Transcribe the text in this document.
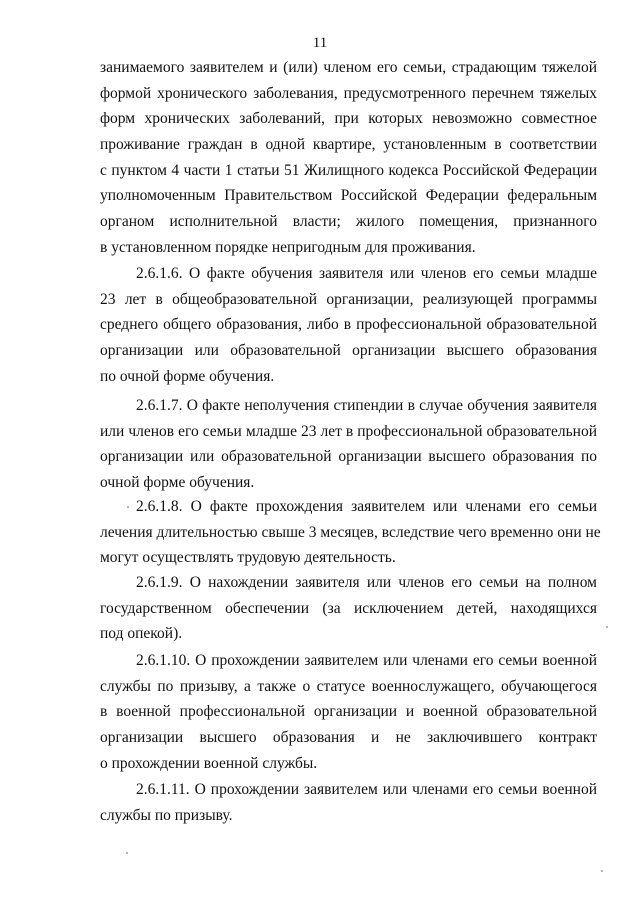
11
занимаемого заявителем и (или) членом его семьи, страдающим тяжелой
формой хронического заболевания, предусмотренного перечнем тяжелых
форм хронических заболеваний, при которых невозможно совместное
проживание граждан в одной квартире, установленным в соответствии
с пунктом 4 части 1 статьи 51 Жилищного кодекса Российской Федерации
уполномоченным Правительством Российской Федерации федеральным
органом исполнительной власти; жилого помещения, признанного
в установленном порядке непригодным для проживания.
2.6.1.6. О факте обучения заявителя или членов его семьи младше
23 лет в общеобразовательной организации, реализующей программы
среднего общего образования, либо в профессиональной образовательной
организации или образовательной организации высшего образования
по очной форме обучения.
2.6.1.7. О факте неполучения стипендии в случае обучения заявителя
или членов его семьи младше 23 лет в профессиональной образовательной
организации или образовательной организации высшего образования по
очной форме обучения.
2.6.1.8. О факте прохождения заявителем или членами его семьи
лечения длительностью свыше 3 месяцев, вследствие чего временно они не
могут осуществлять трудовую деятельность.
2.6.1.9. О нахождении заявителя или членов его семьи на полном
государственном обеспечении (за исключением детей, находящихся
под опекой).
2.6.1.10. О прохождении заявителем или членами его семьи военной
службы по призыву, а также о статусе военнослужащего, обучающегося
в военной профессиональной организации и военной образовательной
организации высшего образования и не заключившего контракт
о прохождении военной службы.
2.6.1.11. О прохождении заявителем или членами его семьи военной
службы по призыву.
